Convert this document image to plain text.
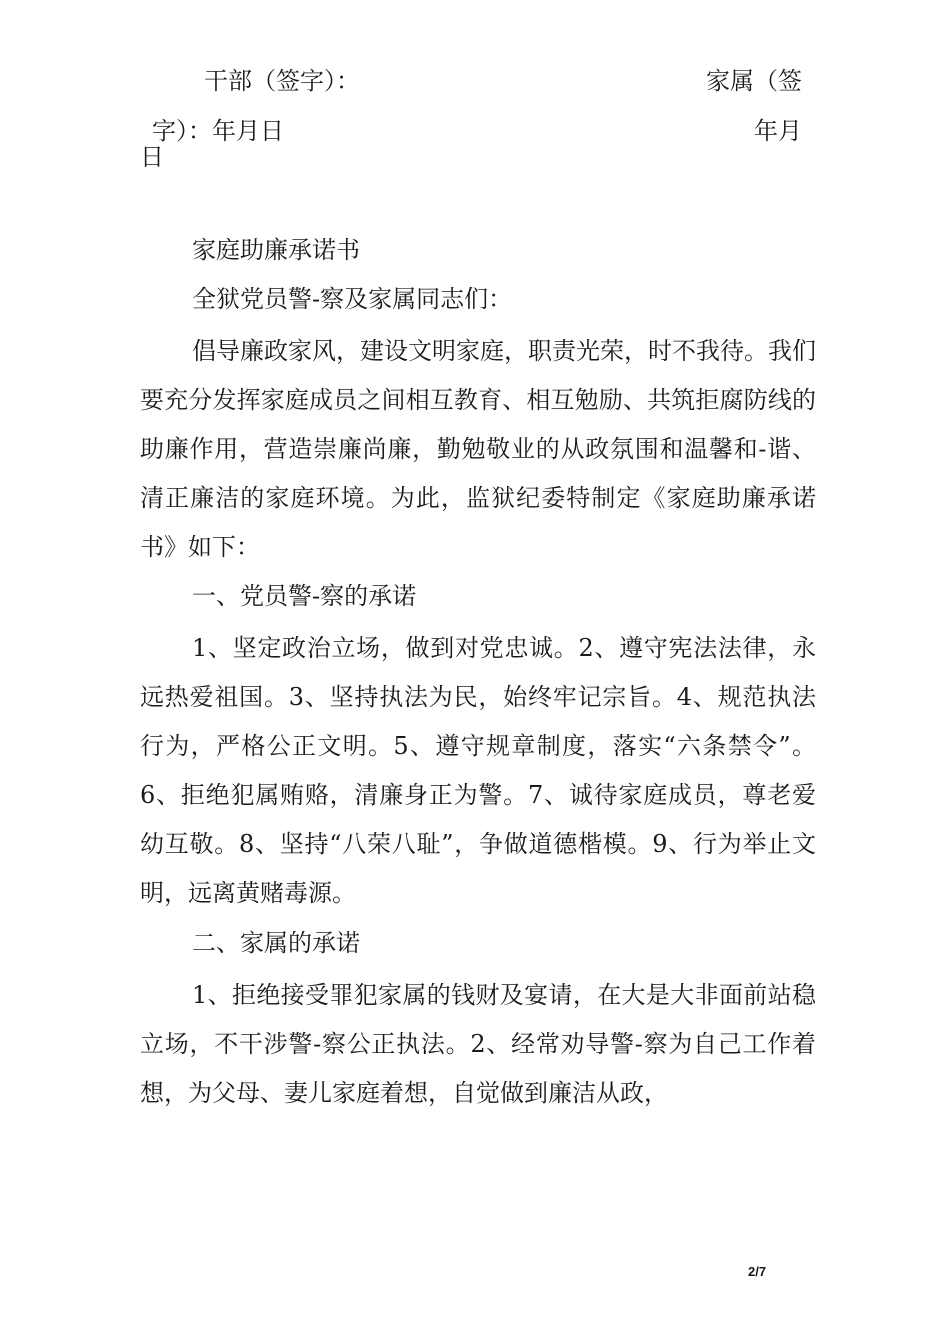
干部（签字）：	家属（签
字）：年月日	年月
日

家庭助廉承诺书

全狱党员警-察及家属同志们：

倡导廉政家风，建设文明家庭，职责光荣，时不我待。我们要充分发挥家庭成员之间相互教育、相互勉励、共筑拒腐防线的助廉作用，营造崇廉尚廉，勤勉敬业的从政氛围和温馨和-谐、清正廉洁的家庭环境。为此，监狱纪委特制定《家庭助廉承诺书》如下：

一、党员警-察的承诺

1、坚定政治立场，做到对党忠诚。2、遵守宪法法律，永远热爱祖国。3、坚持执法为民，始终牢记宗旨。4、规范执法行为，严格公正文明。5、遵守规章制度，落实“六条禁令”。6、拒绝犯属贿赂，清廉身正为警。7、诚待家庭成员，尊老爱幼互敬。8、坚持“八荣八耻”，争做道德楷模。9、行为举止文明，远离黄赌毒源。

二、家属的承诺

1、拒绝接受罪犯家属的钱财及宴请，在大是大非面前站稳立场，不干涉警-察公正执法。2、经常劝导警-察为自己工作着想，为父母、妻儿家庭着想，自觉做到廉洁从政，

2/7
